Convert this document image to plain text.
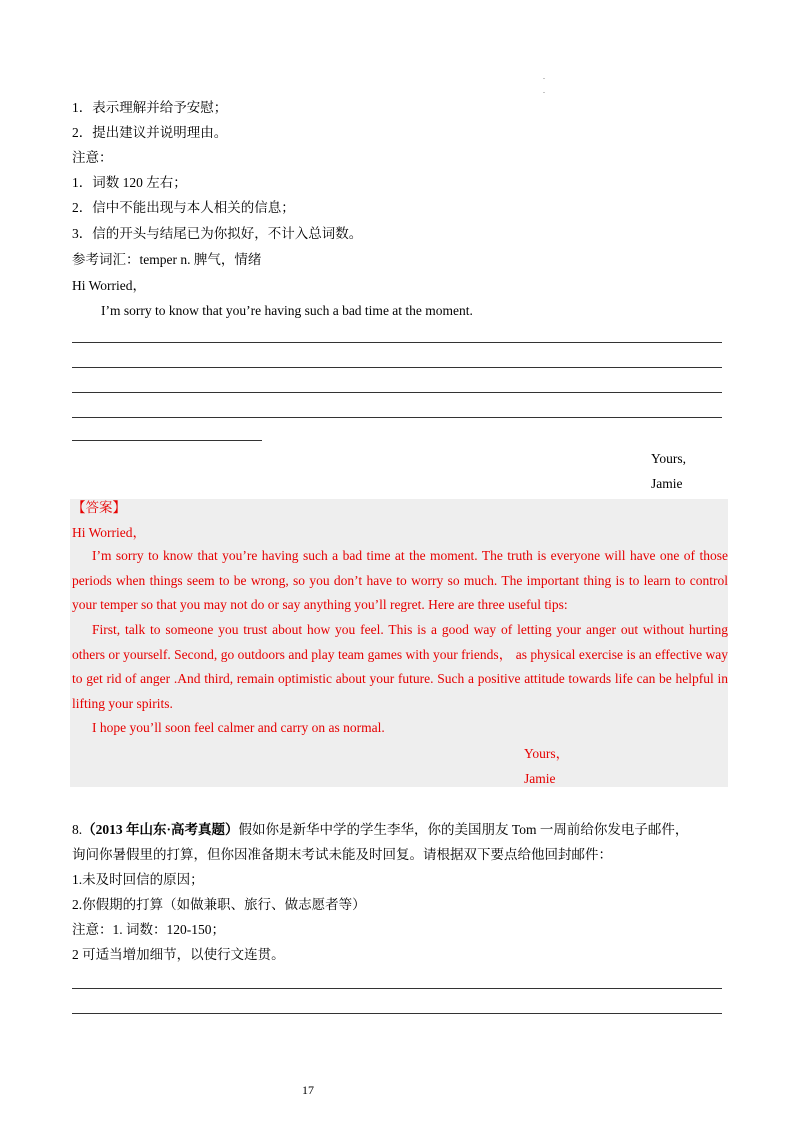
.
.
1．表示理解并给予安慰；
2．提出建议并说明理由。
注意：
1．词数 120 左右；
2．信中不能出现与本人相关的信息；
3．信的开头与结尾已为你拟好，不计入总词数。
参考词汇：temper n. 脾气，情绪
Hi Worried，
I’m sorry to know that you’re having such a bad time at the moment.
Yours,
Jamie
【答案】
Hi Worried，
I’m sorry to know that you’re having such a bad time at the moment. The truth is everyone will have one of those periods when things seem to be wrong, so you don’t have to worry so much. The important thing is to learn to control your temper so that you may not do or say anything you’ll regret. Here are three useful tips:
First, talk to someone you trust about how you feel. This is a good way of letting your anger out without hurting others or yourself. Second, go outdoors and play team games with your friends， as physical exercise is an effective way to get rid of anger .And third, remain optimistic about your future. Such a positive attitude towards life can be helpful in lifting your spirits.
I hope you’ll soon feel calmer and carry on as normal.
Yours，
Jamie
8.（2013 年山东·高考真题）假如你是新华中学的学生李华，你的美国朋友 Tom 一周前给你发电子邮件，
询问你暑假里的打算，但你因准备期末考试未能及时回复。请根据双下要点给他回封邮件：
1.未及时回信的原因；
2.你假期的打算（如做兼职、旅行、做志愿者等）
注意：1. 词数：120-150；
2 可适当增加细节，以使行文连贯。
17
